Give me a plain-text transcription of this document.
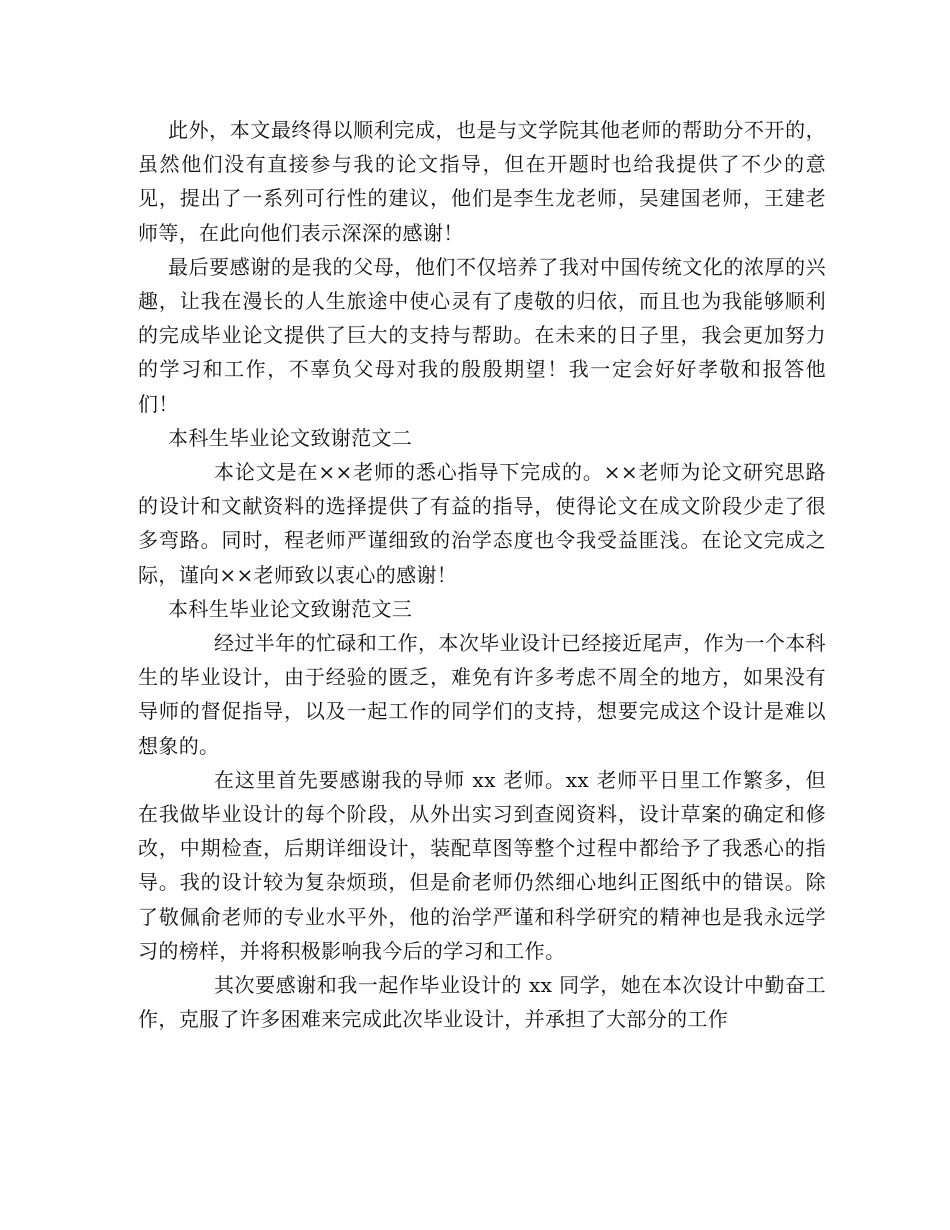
此外，本文最终得以顺利完成，也是与文学院其他老师的帮助分不开的，虽然他们没有直接参与我的论文指导，但在开题时也给我提供了不少的意见，提出了一系列可行性的建议，他们是李生龙老师，吴建国老师，王建老师等，在此向他们表示深深的感谢！

最后要感谢的是我的父母，他们不仅培养了我对中国传统文化的浓厚的兴趣，让我在漫长的人生旅途中使心灵有了虔敬的归依，而且也为我能够顺利的完成毕业论文提供了巨大的支持与帮助。在未来的日子里，我会更加努力的学习和工作，不辜负父母对我的殷殷期望！我一定会好好孝敬和报答他们！

本科生毕业论文致谢范文二

本论文是在××老师的悉心指导下完成的。××老师为论文研究思路的设计和文献资料的选择提供了有益的指导，使得论文在成文阶段少走了很多弯路。同时，程老师严谨细致的治学态度也令我受益匪浅。在论文完成之际，谨向××老师致以衷心的感谢！

本科生毕业论文致谢范文三

经过半年的忙碌和工作，本次毕业设计已经接近尾声，作为一个本科生的毕业设计，由于经验的匮乏，难免有许多考虑不周全的地方，如果没有导师的督促指导，以及一起工作的同学们的支持，想要完成这个设计是难以想象的。

在这里首先要感谢我的导师 xx 老师。xx 老师平日里工作繁多，但在我做毕业设计的每个阶段，从外出实习到查阅资料，设计草案的确定和修改，中期检查，后期详细设计，装配草图等整个过程中都给予了我悉心的指导。我的设计较为复杂烦琐，但是俞老师仍然细心地纠正图纸中的错误。除了敬佩俞老师的专业水平外，他的治学严谨和科学研究的精神也是我永远学习的榜样，并将积极影响我今后的学习和工作。

其次要感谢和我一起作毕业设计的 xx 同学，她在本次设计中勤奋工作，克服了许多困难来完成此次毕业设计，并承担了大部分的工作
